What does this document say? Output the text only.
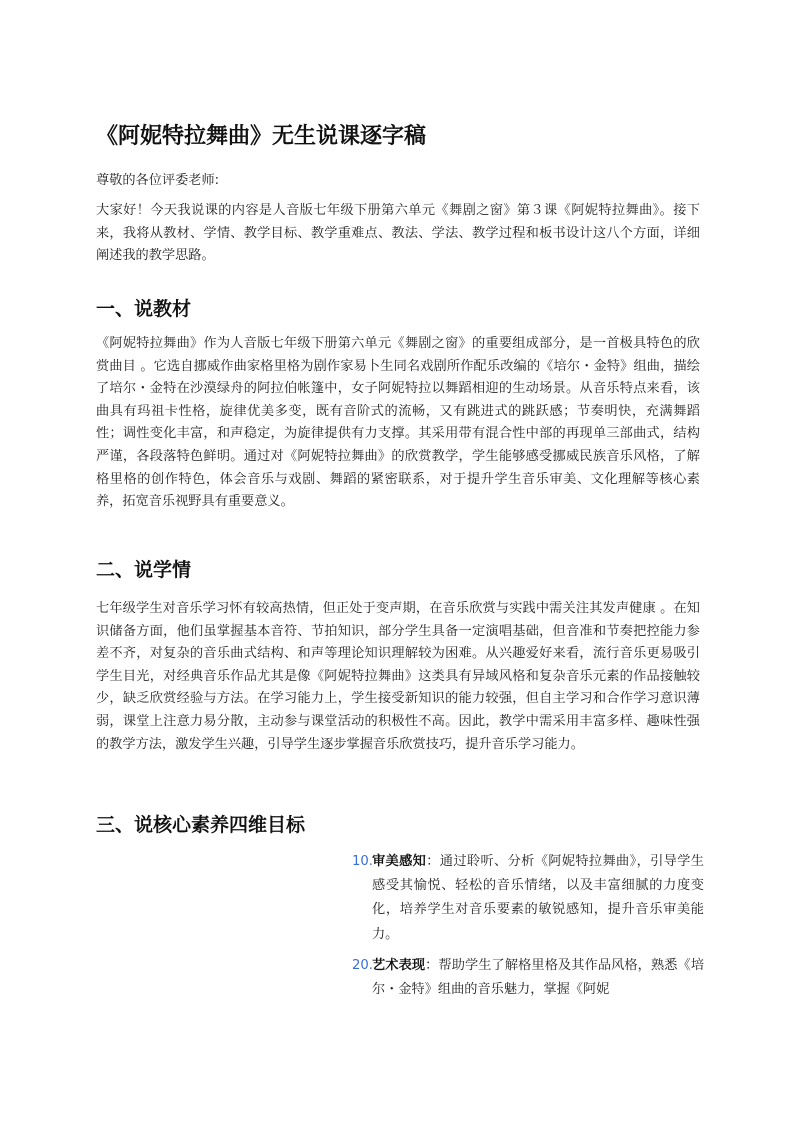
《阿妮特拉舞曲》无生说课逐字稿

尊敬的各位评委老师:

大家好！今天我说课的内容是人音版七年级下册第六单元《舞剧之窗》第３课《阿妮特拉舞曲》。接下来，我将从教材、学情、教学目标、教学重难点、教法、学法、教学过程和板书设计这八个方面，详细阐述我的教学思路。

一、说教材

《阿妮特拉舞曲》作为人音版七年级下册第六单元《舞剧之窗》的重要组成部分，是一首极具特色的欣赏曲目 。它选自挪威作曲家格里格为剧作家易卜生同名戏剧所作配乐改编的《培尔・金特》组曲，描绘了培尔・金特在沙漠绿舟的阿拉伯帐篷中，女子阿妮特拉以舞蹈相迎的生动场景。从音乐特点来看，该曲具有玛祖卡性格，旋律优美多变，既有音阶式的流畅，又有跳进式的跳跃感；节奏明快，充满舞蹈性；调性变化丰富，和声稳定，为旋律提供有力支撑。其采用带有混合性中部的再现单三部曲式，结构严谨，各段落特色鲜明。通过对《阿妮特拉舞曲》的欣赏教学，学生能够感受挪威民族音乐风格，了解格里格的创作特色，体会音乐与戏剧、舞蹈的紧密联系，对于提升学生音乐审美、文化理解等核心素养，拓宽音乐视野具有重要意义。

二、说学情

七年级学生对音乐学习怀有较高热情，但正处于变声期，在音乐欣赏与实践中需关注其发声健康 。在知识储备方面，他们虽掌握基本音符、节拍知识，部分学生具备一定演唱基础，但音准和节奏把控能力参差不齐，对复杂的音乐曲式结构、和声等理论知识理解较为困难。从兴趣爱好来看，流行音乐更易吸引学生目光，对经典音乐作品尤其是像《阿妮特拉舞曲》这类具有异域风格和复杂音乐元素的作品接触较少，缺乏欣赏经验与方法。在学习能力上，学生接受新知识的能力较强，但自主学习和合作学习意识薄弱，课堂上注意力易分散，主动参与课堂活动的积极性不高。因此，教学中需采用丰富多样、趣味性强的教学方法，激发学生兴趣，引导学生逐步掌握音乐欣赏技巧，提升音乐学习能力。

三、说核心素养四维目标
10. 审美感知：通过聆听、分析《阿妮特拉舞曲》，引导学生感受其愉悦、轻松的音乐情绪，以及丰富细腻的力度变化，培养学生对音乐要素的敏锐感知，提升音乐审美能力。
20. 艺术表现：帮助学生了解格里格及其作品风格，熟悉《培尔・金特》组曲的音乐魅力，掌握《阿妮
